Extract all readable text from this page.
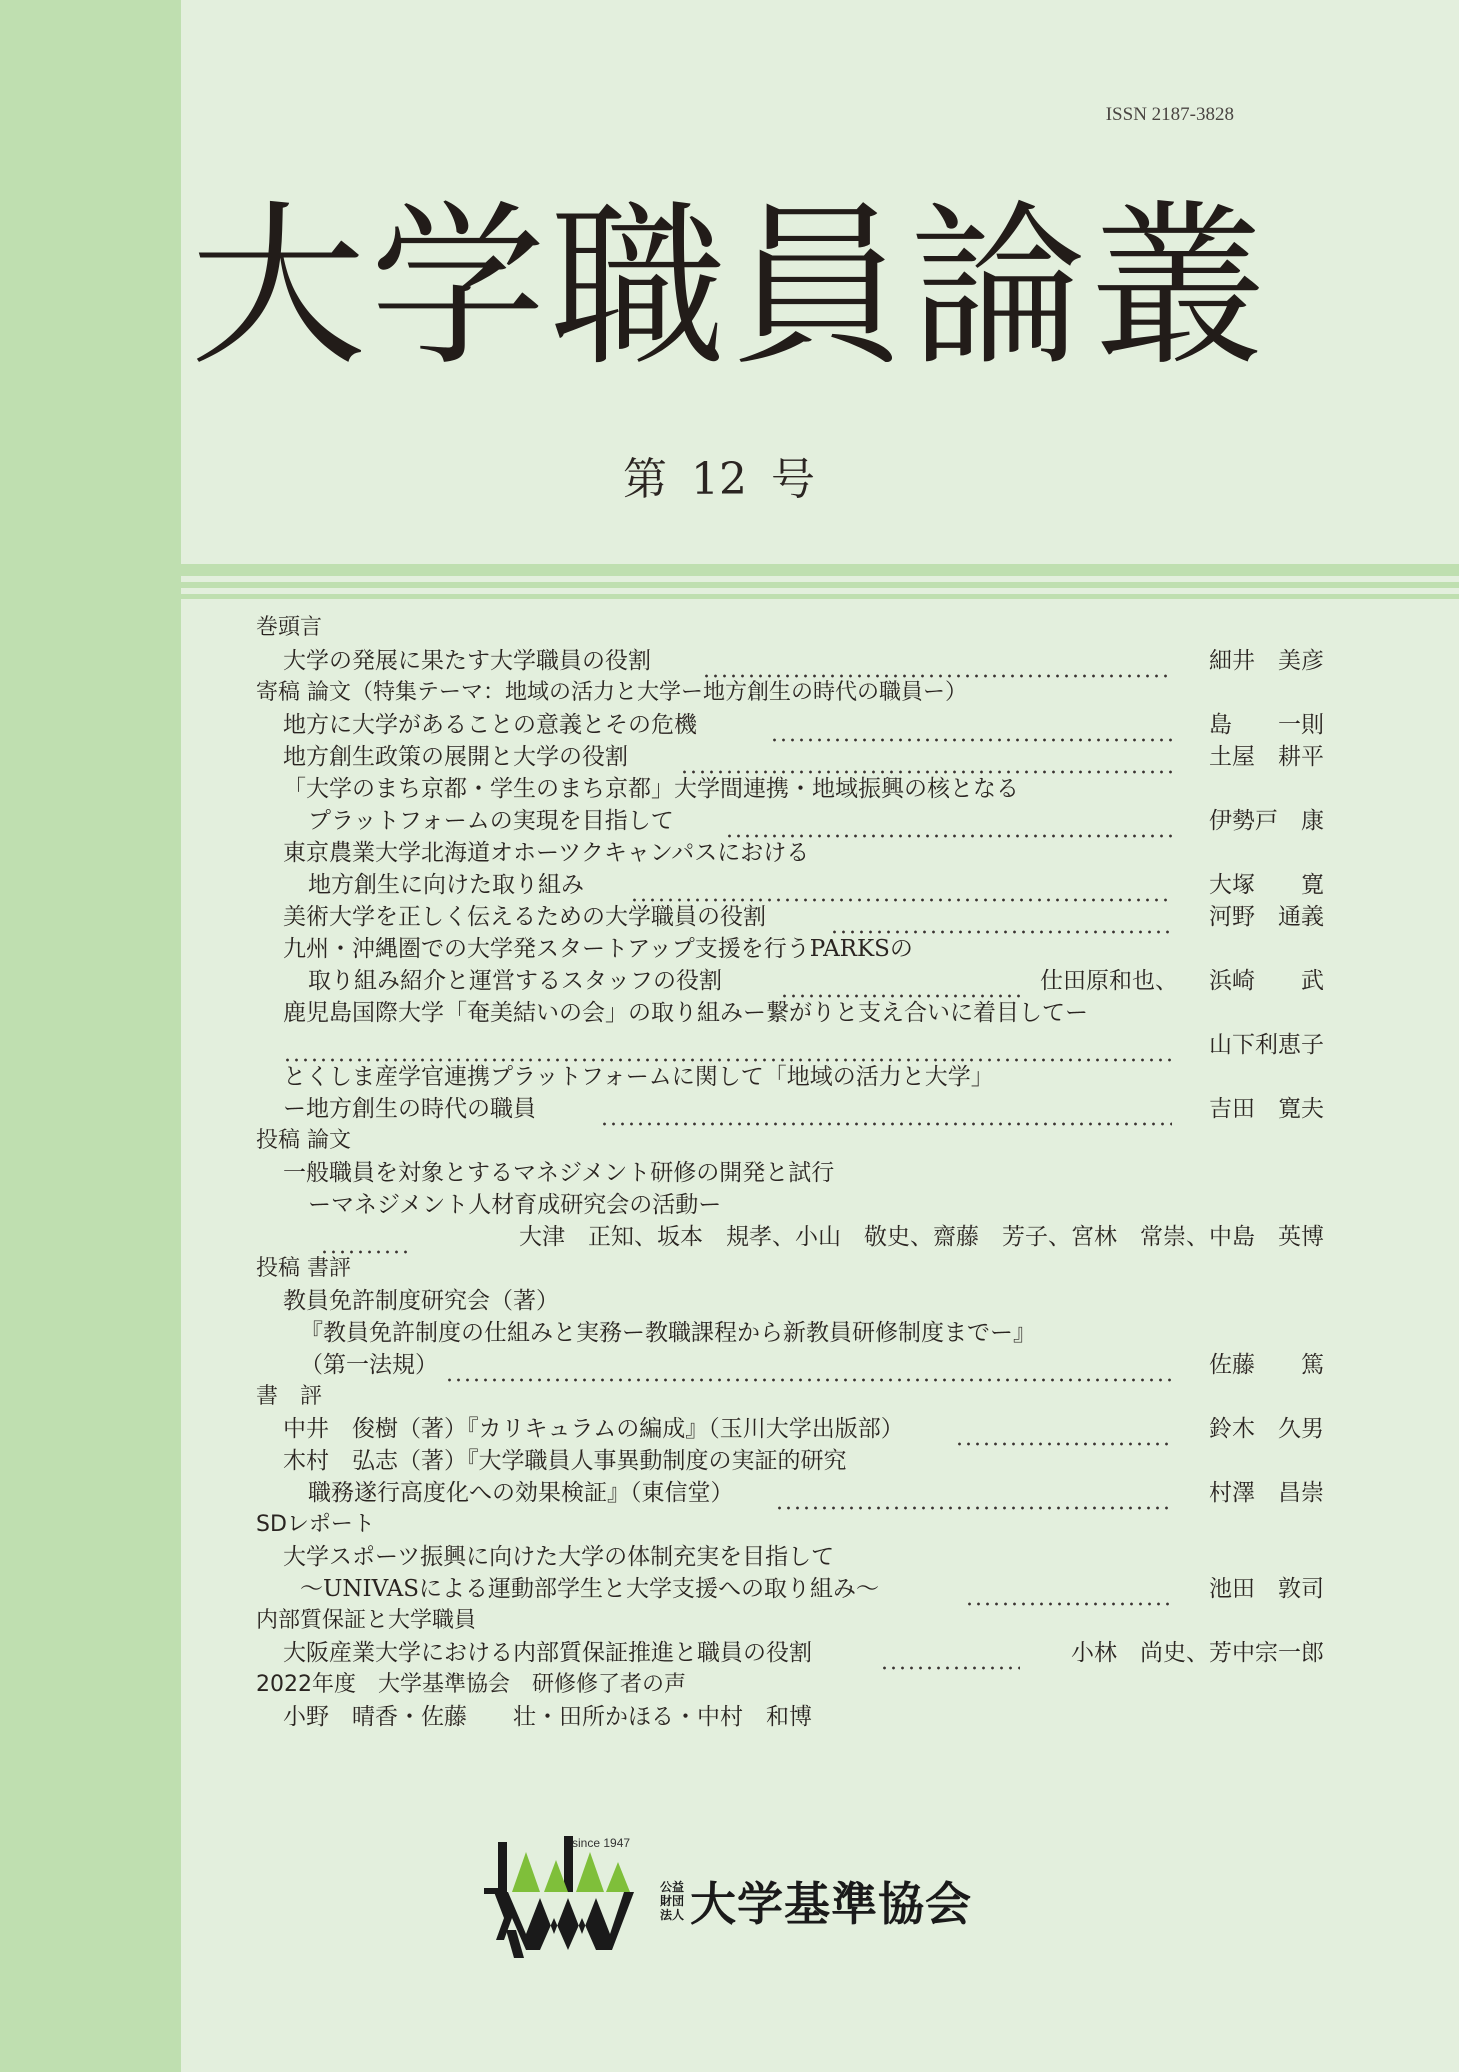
ISSN 2187-3828
大学職員論叢
第 12 号
巻頭言
大学の発展に果たす大学職員の役割	細井　美彦
寄稿 論文（特集テーマ：地域の活力と大学ー地方創生の時代の職員ー）
地方に大学があることの意義とその危機	島　　一則
地方創生政策の展開と大学の役割	土屋　耕平
「大学のまち京都・学生のまち京都」大学間連携・地域振興の核となる
プラットフォームの実現を目指して	伊勢戸　康
東京農業大学北海道オホーツクキャンパスにおける
地方創生に向けた取り組み	大塚　　寛
美術大学を正しく伝えるための大学職員の役割	河野　通義
九州・沖縄圏での大学発スタートアップ支援を行うPARKSの
取り組み紹介と運営するスタッフの役割	仕田原和也、 浜崎　　武
鹿児島国際大学「奄美結いの会」の取り組みー繋がりと支え合いに着目してー
山下利恵子
とくしま産学官連携プラットフォームに関して「地域の活力と大学」
ー地方創生の時代の職員	吉田　寛夫
投稿 論文
一般職員を対象とするマネジメント研修の開発と試行
ーマネジメント人材育成研究会の活動ー
大津　正知、坂本　規孝、小山　敬史、齋藤　芳子、宮林　常崇、中島　英博
投稿 書評
教員免許制度研究会（著）
『教員免許制度の仕組みと実務ー教職課程から新教員研修制度までー』
（第一法規）	佐藤　　篤
書　評
中井　俊樹（著）『カリキュラムの編成』（玉川大学出版部）	鈴木　久男
木村　弘志（著）『大学職員人事異動制度の実証的研究
職務遂行高度化への効果検証』（東信堂）	村澤　昌崇
SDレポート
大学スポーツ振興に向けた大学の体制充実を目指して
〜UNIVASによる運動部学生と大学支援への取り組み〜	池田　敦司
内部質保証と大学職員
大阪産業大学における内部質保証推進と職員の役割	小林　尚史、芳中宗一郎
2022年度　大学基準協会　研修修了者の声
小野　晴香・佐藤　　壮・田所かほる・中村　和博
since 1947
公益財団法人 大学基準協会
